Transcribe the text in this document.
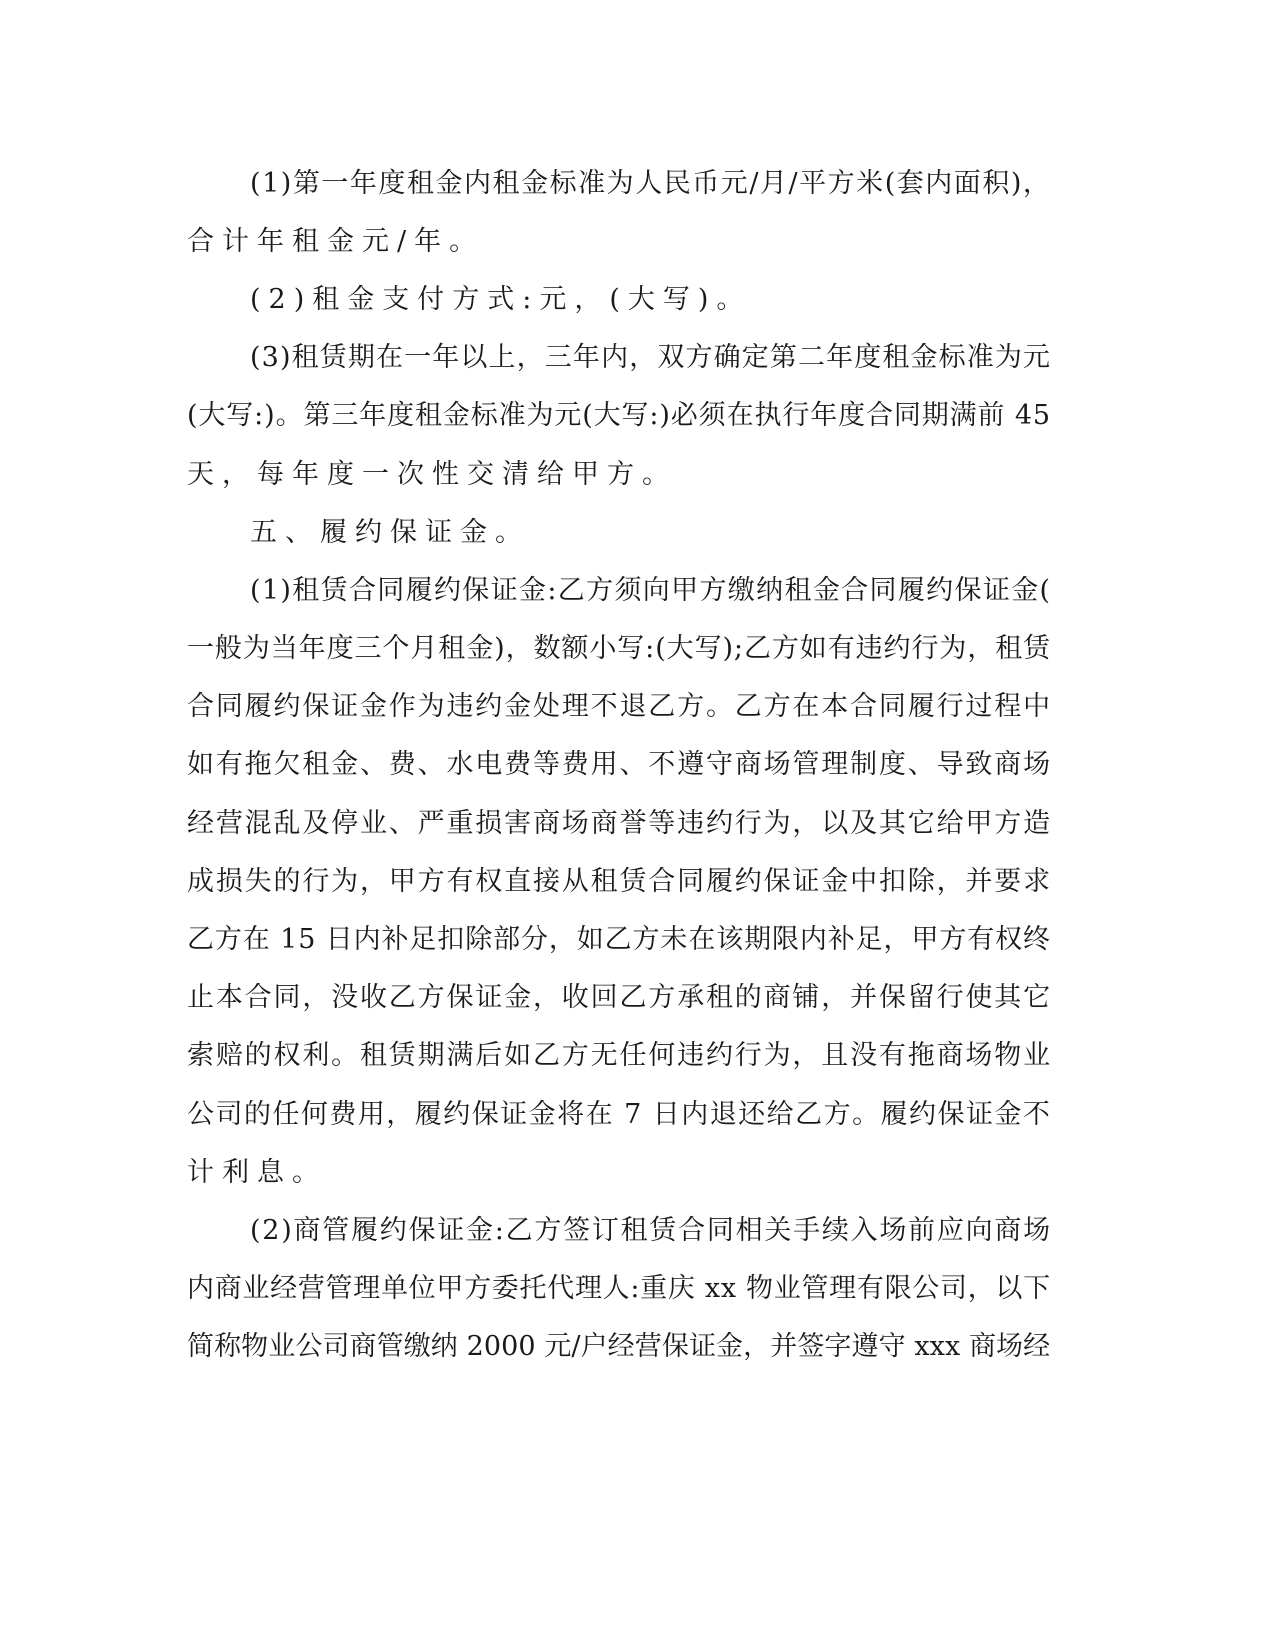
(1)第一年度租金内租金标准为人民币元/月/平方米(套内面积)，
合计年租金元/年。
(2)租金支付方式:元，(大写)。
(3)租赁期在一年以上，三年内，双方确定第二年度租金标准为元
(大写:)。第三年度租金标准为元(大写:)必须在执行年度合同期满前 45
天，每年度一次性交清给甲方。
五、履约保证金。
(1)租赁合同履约保证金:乙方须向甲方缴纳租金合同履约保证金(
一般为当年度三个月租金)，数额小写:(大写);乙方如有违约行为，租赁
合同履约保证金作为违约金处理不退乙方。乙方在本合同履行过程中
如有拖欠租金、费、水电费等费用、不遵守商场管理制度、导致商场
经营混乱及停业、严重损害商场商誉等违约行为，以及其它给甲方造
成损失的行为，甲方有权直接从租赁合同履约保证金中扣除，并要求
乙方在 15 日内补足扣除部分，如乙方未在该期限内补足，甲方有权终
止本合同，没收乙方保证金，收回乙方承租的商铺，并保留行使其它
索赔的权利。租赁期满后如乙方无任何违约行为，且没有拖商场物业
公司的任何费用，履约保证金将在 7 日内退还给乙方。履约保证金不
计利息。
(2)商管履约保证金:乙方签订租赁合同相关手续入场前应向商场
内商业经营管理单位甲方委托代理人:重庆 xx 物业管理有限公司，以下
简称物业公司商管缴纳 2000 元/户经营保证金，并签字遵守 xxx 商场经
